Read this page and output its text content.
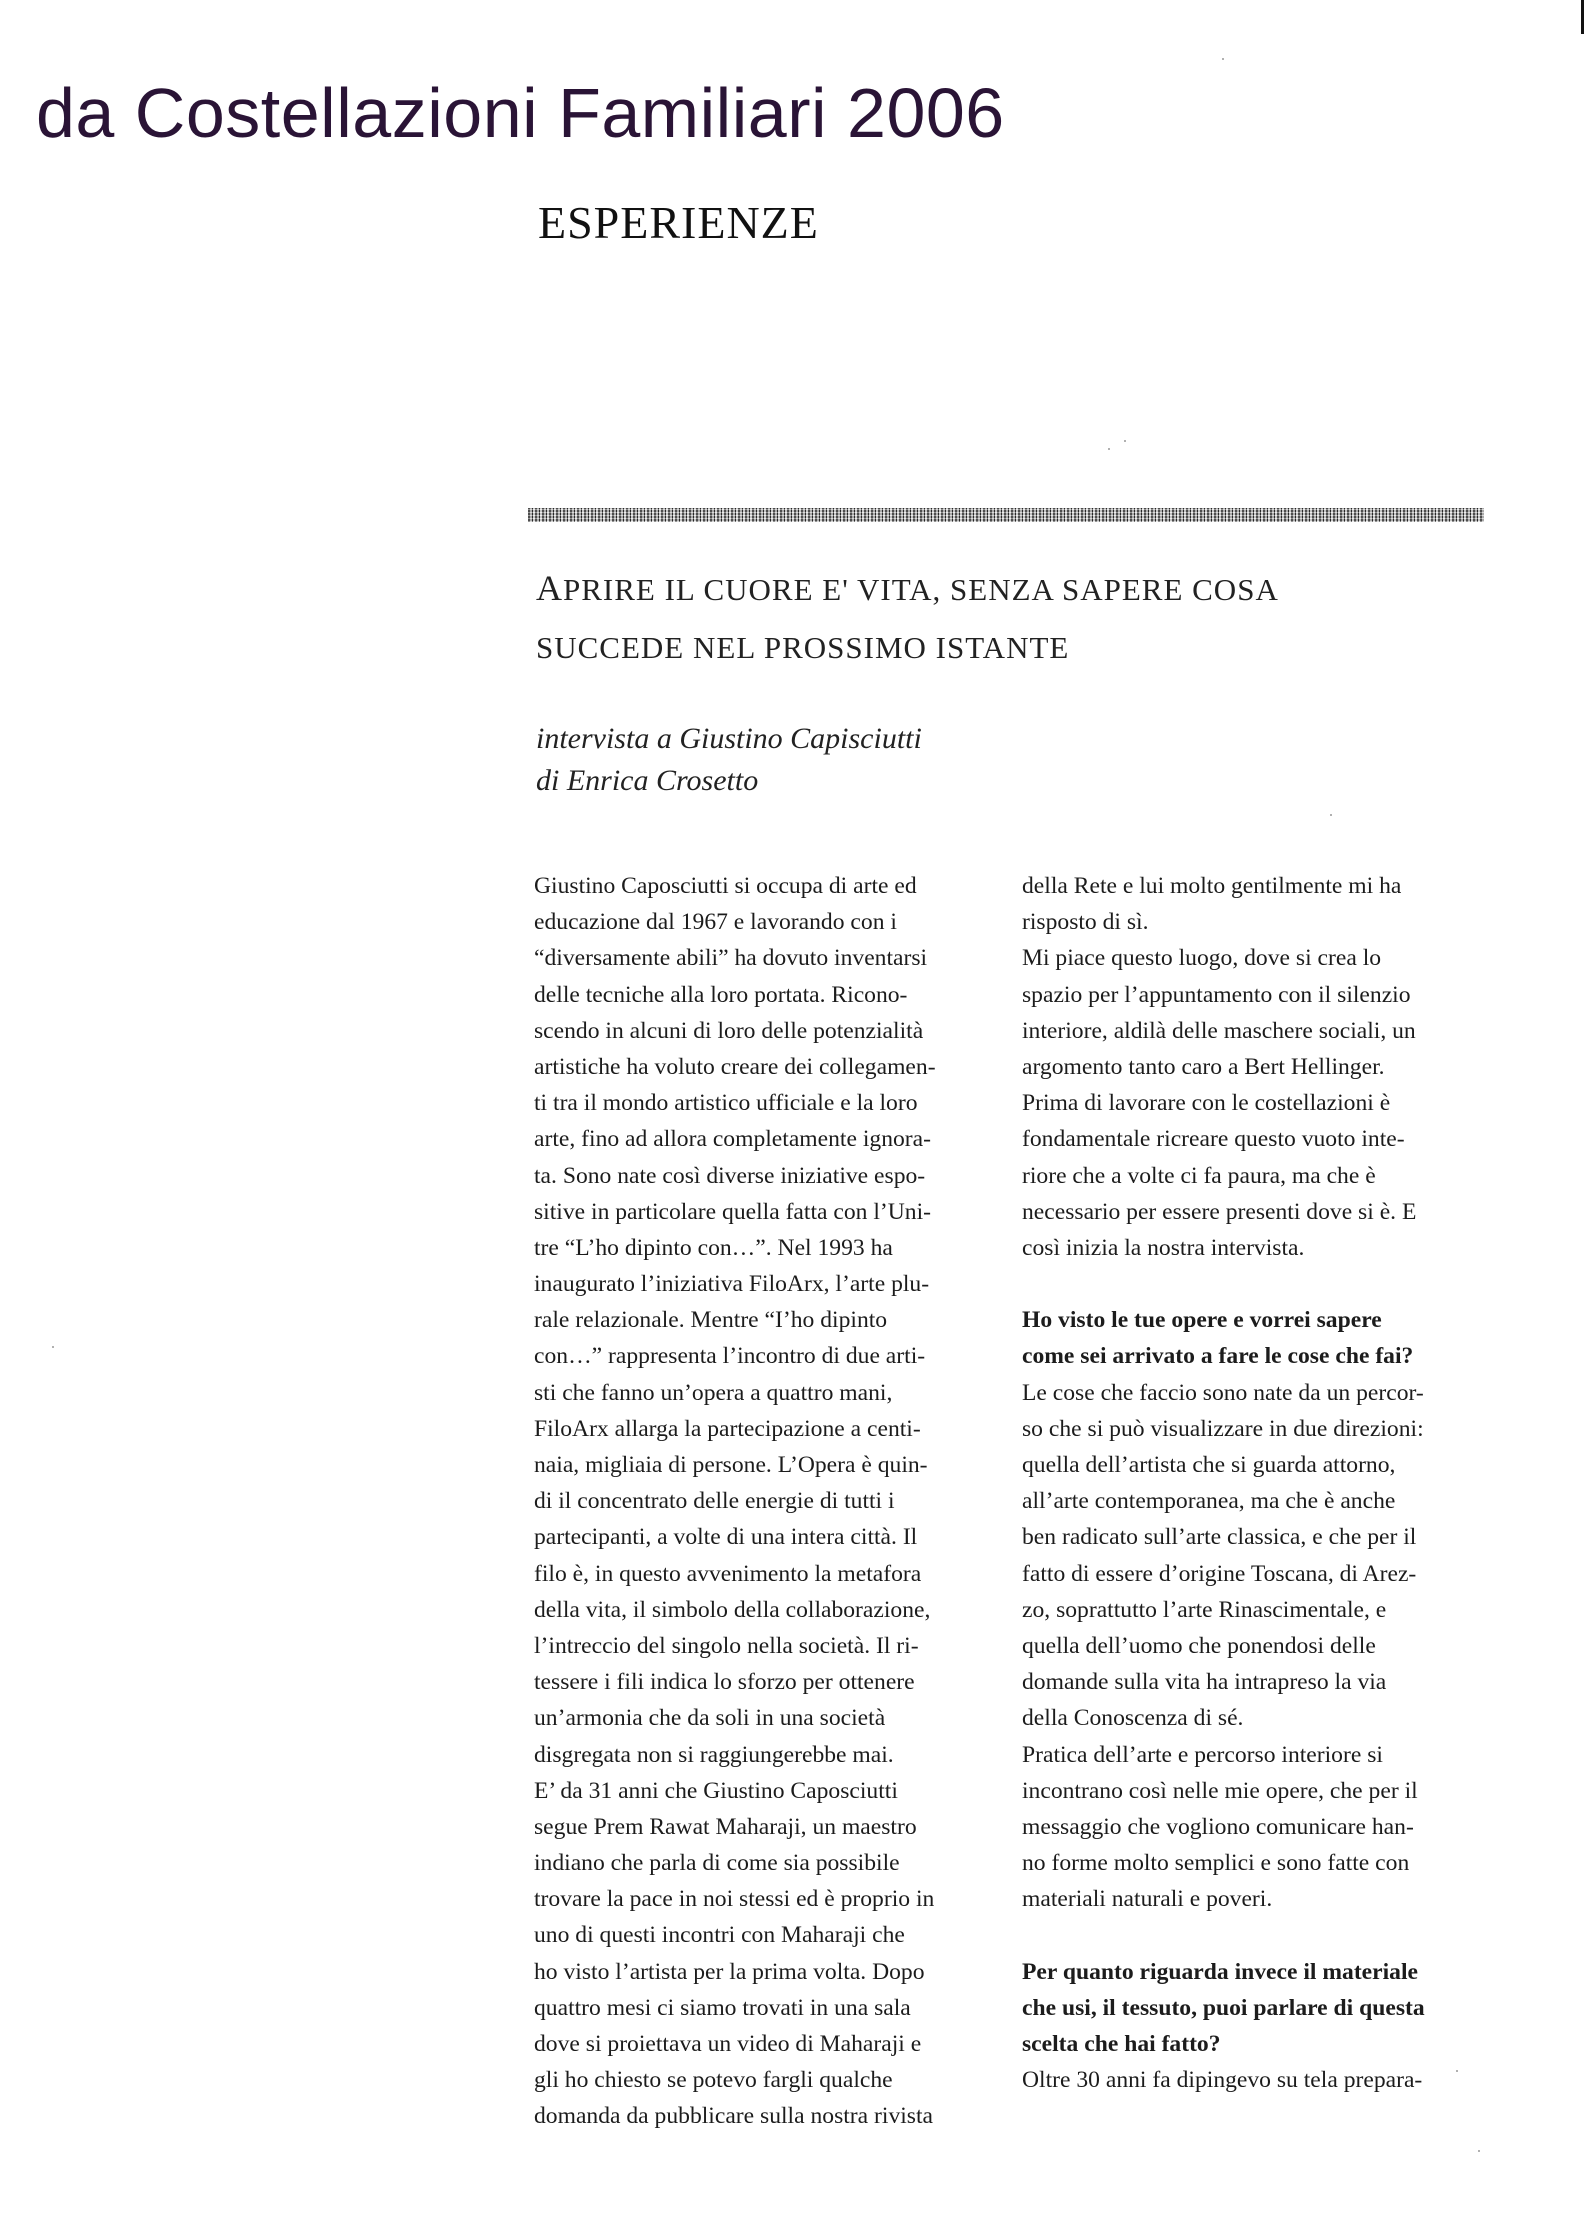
da Costellazioni Familiari 2006
ESPERIENZE
APRIRE IL CUORE E' VITA, SENZA SAPERE COSA
SUCCEDE NEL PROSSIMO ISTANTE
intervista a Giustino Capisciutti
di Enrica Crosetto
Giustino Caposciutti si occupa di arte ed
educazione dal 1967 e lavorando con i
“diversamente abili” ha dovuto inventarsi
delle tecniche alla loro portata. Ricono-
scendo in alcuni di loro delle potenzialità
artistiche ha voluto creare dei collegamen-
ti tra il mondo artistico ufficiale e la loro
arte, fino ad allora completamente ignora-
ta. Sono nate così diverse iniziative espo-
sitive in particolare quella fatta con l’Uni-
tre “L’ho dipinto con…”. Nel 1993 ha
inaugurato l’iniziativa FiloArx, l’arte plu-
rale relazionale. Mentre “I’ho dipinto
con…” rappresenta l’incontro di due arti-
sti che fanno un’opera a quattro mani,
FiloArx allarga la partecipazione a centi-
naia, migliaia di persone. L’Opera è quin-
di il concentrato delle energie di tutti i
partecipanti, a volte di una intera città. Il
filo è, in questo avvenimento la metafora
della vita, il simbolo della collaborazione,
l’intreccio del singolo nella società. Il ri-
tessere i fili indica lo sforzo per ottenere
un’armonia che da soli in una società
disgregata non si raggiungerebbe mai.
E’ da 31 anni che Giustino Caposciutti
segue Prem Rawat Maharaji, un maestro
indiano che parla di come sia possibile
trovare la pace in noi stessi ed è proprio in
uno di questi incontri con Maharaji che
ho visto l’artista per la prima volta. Dopo
quattro mesi ci siamo trovati in una sala
dove si proiettava un video di Maharaji e
gli ho chiesto se potevo fargli qualche
domanda da pubblicare sulla nostra rivista
della Rete e lui molto gentilmente mi ha
risposto di sì.
Mi piace questo luogo, dove si crea lo
spazio per l’appuntamento con il silenzio
interiore, aldilà delle maschere sociali, un
argomento tanto caro a Bert Hellinger.
Prima di lavorare con le costellazioni è
fondamentale ricreare questo vuoto inte-
riore che a volte ci fa paura, ma che è
necessario per essere presenti dove si è. E
così inizia la nostra intervista.
Ho visto le tue opere e vorrei sapere
come sei arrivato a fare le cose che fai?
Le cose che faccio sono nate da un percor-
so che si può visualizzare in due direzioni:
quella dell’artista che si guarda attorno,
all’arte contemporanea, ma che è anche
ben radicato sull’arte classica, e che per il
fatto di essere d’origine Toscana, di Arez-
zo, soprattutto l’arte Rinascimentale, e
quella dell’uomo che ponendosi delle
domande sulla vita ha intrapreso la via
della Conoscenza di sé.
Pratica dell’arte e percorso interiore si
incontrano così nelle mie opere, che per il
messaggio che vogliono comunicare han-
no forme molto semplici e sono fatte con
materiali naturali e poveri.
Per quanto riguarda invece il materiale
che usi, il tessuto, puoi parlare di questa
scelta che hai fatto?
Oltre 30 anni fa dipingevo su tela prepara-
